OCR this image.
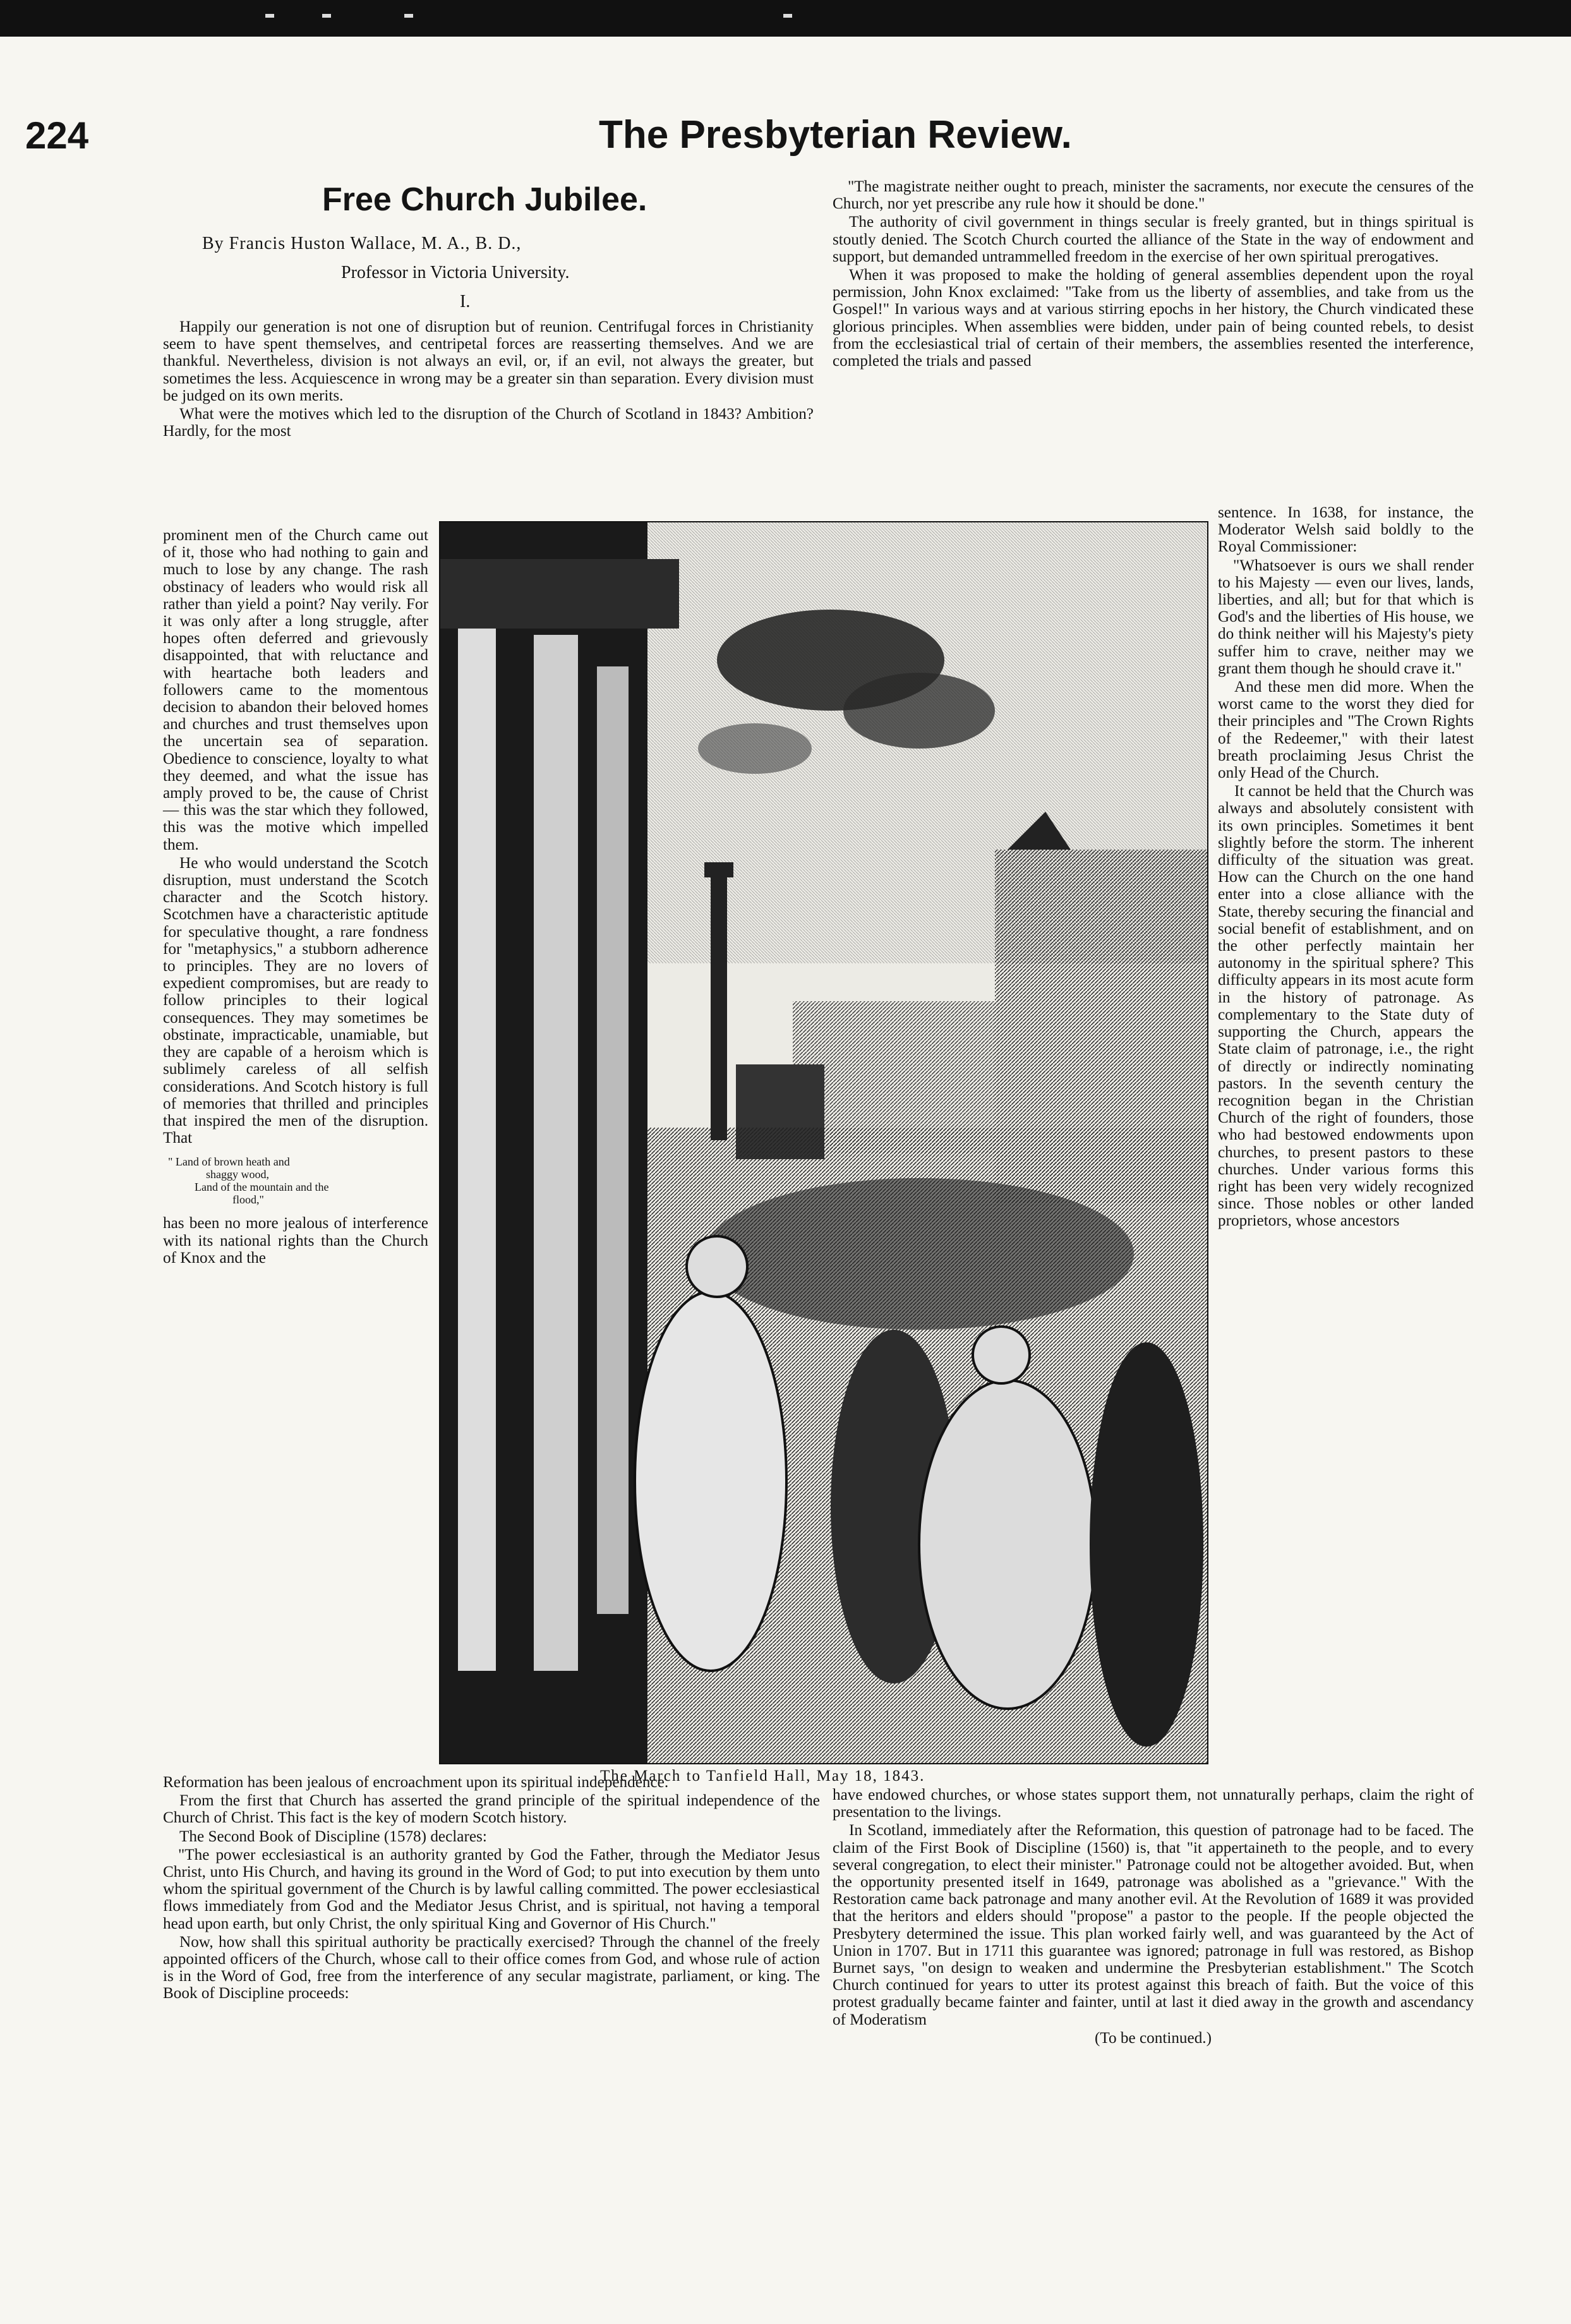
224	The Presbyterian Review.
Free Church Jubilee.
By Francis Huston Wallace, M. A., B. D.,
Professor in Victoria University.
I.

Happily our generation is not one of disruption but of reunion. Centrifugal forces in Christianity seem to have spent themselves, and centripetal forces are reasserting themselves. And we are thankful. Nevertheless, division is not always an evil, or, if an evil, not always the greater, but sometimes the less. Acquiescence in wrong may be a greater sin than separation. Every division must be judged on its own merits.

What were the motives which led to the disruption of the Church of Scotland in 1843? Ambition? Hardly, for the most

prominent men of the Church came out of it, those who had nothing to gain and much to lose by any change. The rash obstinacy of leaders who would risk all rather than yield a point? Nay verily. For it was only after a long struggle, after hopes often deferred and grievously disappointed, that with reluctance and with heartache both leaders and followers came to the momentous decision to abandon their beloved homes and churches and trust themselves upon the uncertain sea of separation. Obedience to conscience, loyalty to what they deemed, and what the issue has amply proved to be, the cause of Christ — this was the star which they followed, this was the motive which impelled them.

He who would understand the Scotch disruption, must understand the Scotch character and the Scotch history. Scotchmen have a characteristic aptitude for speculative thought, a rare fondness for "metaphysics," a stubborn adherence to principles. They are no lovers of expedient compromises, but are ready to follow principles to their logical consequences. They may sometimes be obstinate, impracticable, unamiable, but they are capable of a heroism which is sublimely careless of all selfish considerations. And Scotch history is full of memories that thrilled and principles that inspired the men of the disruption. That

" Land of brown heath and
shaggy wood,
Land of the mountain and the
flood,"

has been no more jealous of interference with its national rights than the Church of Knox and the

Reformation has been jealous of encroachment upon its spiritual independence.

From the first that Church has asserted the grand principle of the spiritual independence of the Church of Christ. This fact is the key of modern Scotch history.

The Second Book of Discipline (1578) declares:

"The power ecclesiastical is an authority granted by God the Father, through the Mediator Jesus Christ, unto His Church, and having its ground in the Word of God; to put into execution by them unto whom the spiritual government of the Church is by lawful calling committed. The power ecclesiastical flows immediately from God and the Mediator Jesus Christ, and is spiritual, not having a temporal head upon earth, but only Christ, the only spiritual King and Governor of His Church."

Now, how shall this spiritual authority be practically exercised? Through the channel of the freely appointed officers of the Church, whose call to their office comes from God, and whose rule of action is in the Word of God, free from the interference of any secular magistrate, parliament, or king. The Book of Discipline proceeds:

"The magistrate neither ought to preach, minister the sacraments, nor execute the censures of the Church, nor yet prescribe any rule how it should be done."

The authority of civil government in things secular is freely granted, but in things spiritual is stoutly denied. The Scotch Church courted the alliance of the State in the way of endowment and support, but demanded untrammelled freedom in the exercise of her own spiritual prerogatives.

When it was proposed to make the holding of general assemblies dependent upon the royal permission, John Knox exclaimed: "Take from us the liberty of assemblies, and take from us the Gospel!" In various ways and at various stirring epochs in her history, the Church vindicated these glorious principles. When assemblies were bidden, under pain of being counted rebels, to desist from the ecclesiastical trial of certain of their members, the assemblies resented the interference, completed the trials and passed

sentence. In 1638, for instance, the Moderator Welsh said boldly to the Royal Commissioner:

"Whatsoever is ours we shall render to his Majesty — even our lives, lands, liberties, and all; but for that which is God's and the liberties of His house, we do think neither will his Majesty's piety suffer him to crave, neither may we grant them though he should crave it."

And these men did more. When the worst came to the worst they died for their principles and "The Crown Rights of the Redeemer," with their latest breath proclaiming Jesus Christ the only Head of the Church.

It cannot be held that the Church was always and absolutely consistent with its own principles. Sometimes it bent slightly before the storm. The inherent difficulty of the situation was great. How can the Church on the one hand enter into a close alliance with the State, thereby securing the financial and social benefit of establishment, and on the other perfectly maintain her autonomy in the spiritual sphere? This difficulty appears in its most acute form in the history of patronage. As complementary to the State duty of supporting the Church, appears the State claim of patronage, i.e., the right of directly or indirectly nominating pastors. In the seventh century the recognition began in the Christian Church of the right of founders, those who had bestowed endowments upon churches, to present pastors to these churches. Under various forms this right has been very widely recognized since. Those nobles or other landed proprietors, whose ancestors

have endowed churches, or whose states support them, not unnaturally perhaps, claim the right of presentation to the livings.

In Scotland, immediately after the Reformation, this question of patronage had to be faced. The claim of the First Book of Discipline (1560) is, that "it appertaineth to the people, and to every several congregation, to elect their minister." Patronage could not be altogether avoided. But, when the opportunity presented itself in 1649, patronage was abolished as a "grievance." With the Restoration came back patronage and many another evil. At the Revolution of 1689 it was provided that the heritors and elders should "propose" a pastor to the people. If the people objected the Presbytery determined the issue. This plan worked fairly well, and was guaranteed by the Act of Union in 1707. But in 1711 this guarantee was ignored; patronage in full was restored, as Bishop Burnet says, "on design to weaken and undermine the Presbyterian establishment." The Scotch Church continued for years to utter its protest against this breach of faith. But the voice of this protest gradually became fainter and fainter, until at last it died away in the growth and ascendancy of Moderatism

(To be continued.)

The March to Tanfield Hall, May 18, 1843.
